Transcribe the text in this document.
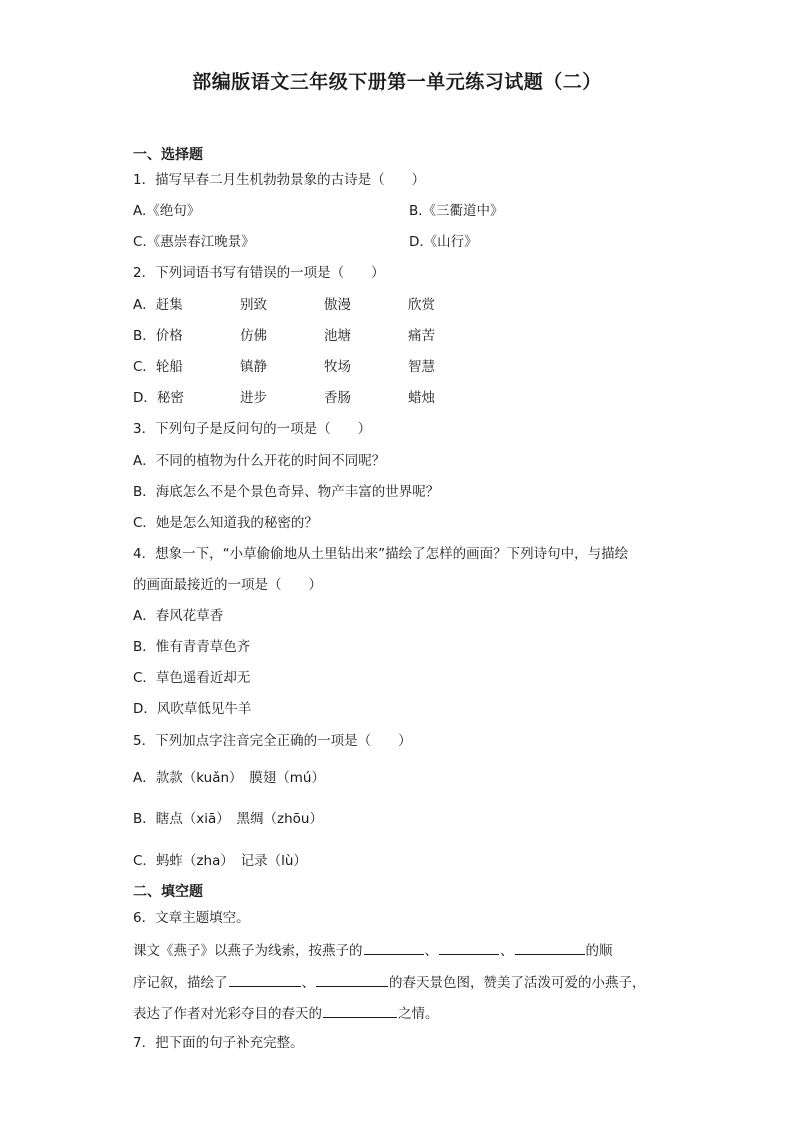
部编版语文三年级下册第一单元练习试题（二）
一、选择题
1．描写早春二月生机勃勃景象的古诗是（　　）
A.《绝句》	B.《三衢道中》
C.《惠崇春江晚景》	D.《山行》
2．下列词语书写有错误的一项是（　　）
A．赶集	别致	傲漫	欣赏
B．价格	仿佛	池塘	痛苦
C．轮船	镇静	牧场	智慧
D．秘密	进步	香肠	蜡烛
3．下列句子是反问句的一项是（　　）
A．不同的植物为什么开花的时间不同呢？
B．海底怎么不是个景色奇异、物产丰富的世界呢？
C．她是怎么知道我的秘密的？
4．想象一下，“小草偷偷地从土里钻出来”描绘了怎样的画面？下列诗句中，与描绘
的画面最接近的一项是（　　）
A．春风花草香
B．惟有青青草色齐
C．草色遥看近却无
D．风吹草低见牛羊
5．下列加点字注音完全正确的一项是（　　）
A．款款（kuǎn）　膜翅（mú）
B．瞎点（xiā）　黑绸（zhōu）
C．蚂蚱（zha）　记录（lù）
二、填空题
6．文章主题填空。
课文《燕子》以燕子为线索，按燕子的	、	、	的顺
序记叙，描绘了	、	的春天景色图，赞美了活泼可爱的小燕子，
表达了作者对光彩夺目的春天的	之情。
7．把下面的句子补充完整。
